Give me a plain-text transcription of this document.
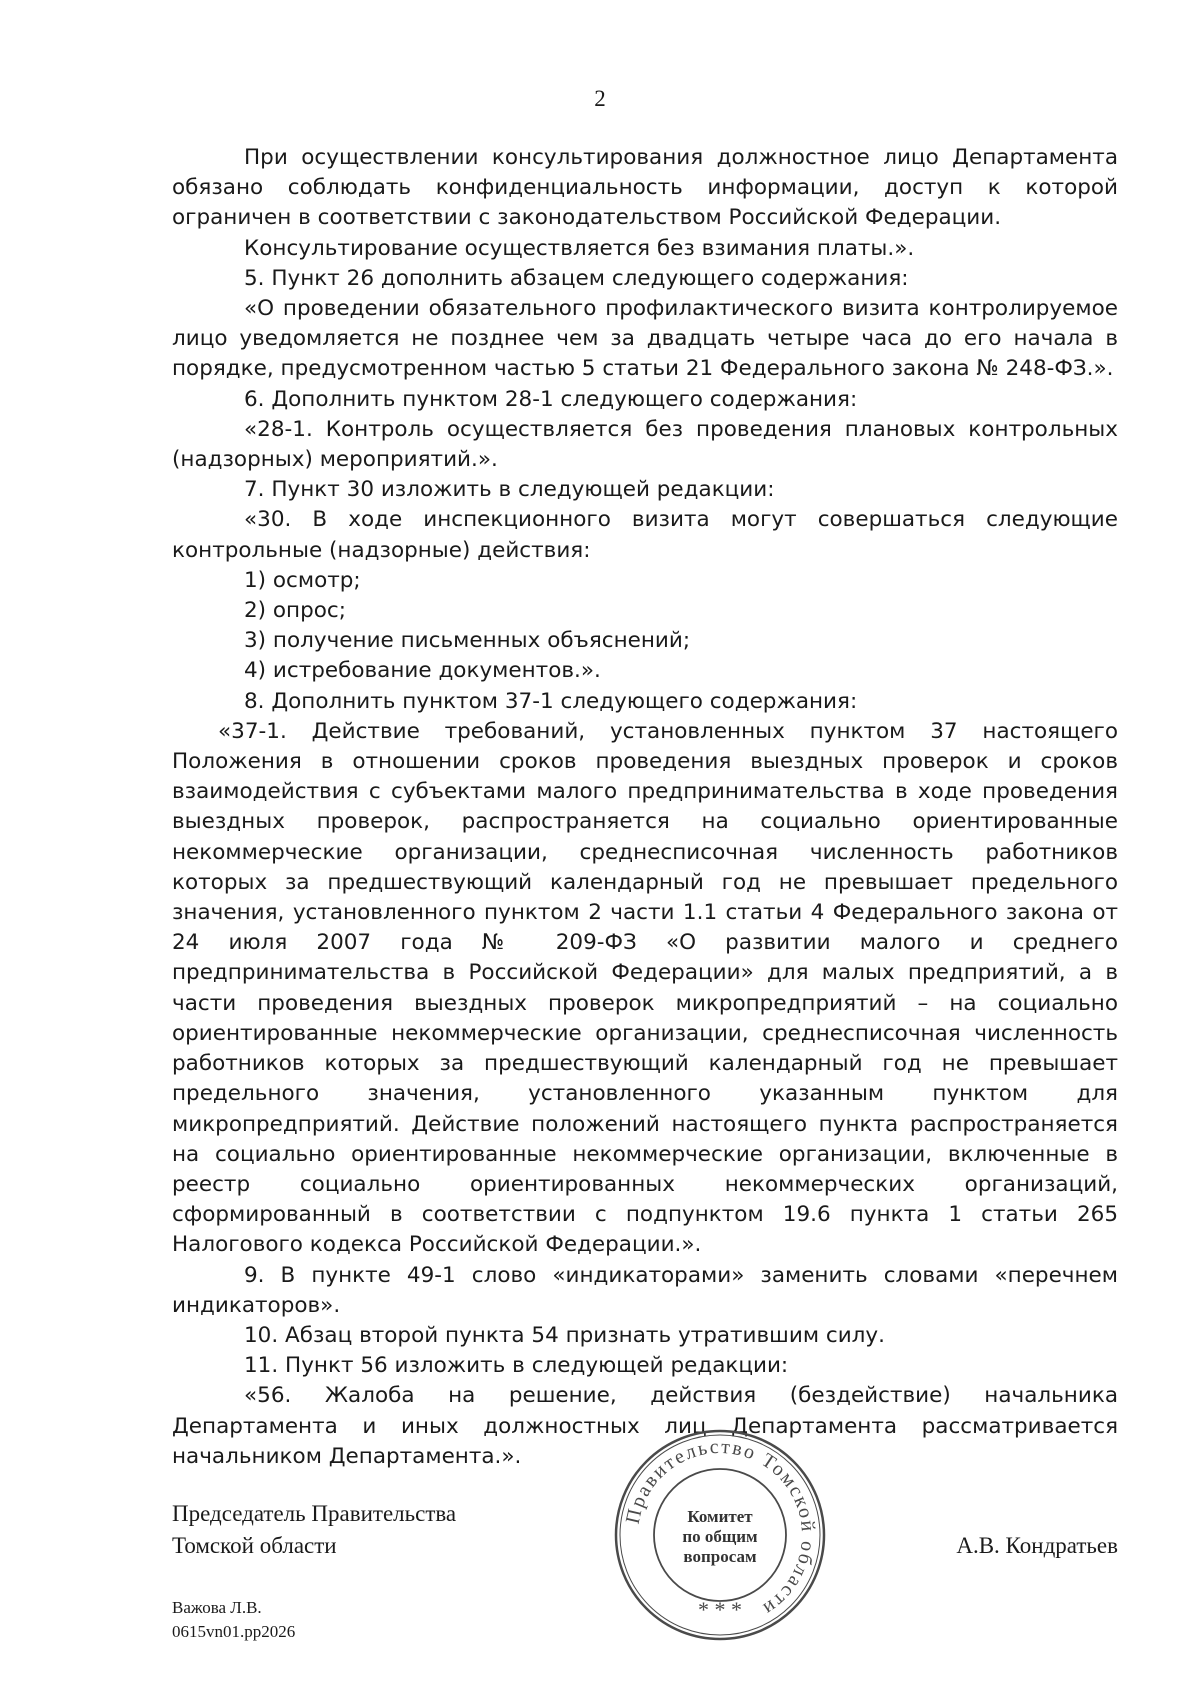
2

При осуществлении консультирования должностное лицо Департамента обязано соблюдать конфиденциальность информации, доступ к которой ограничен в соответствии с законодательством Российской Федерации.

Консультирование осуществляется без взимания платы.».

5. Пункт 26 дополнить абзацем следующего содержания:

«О проведении обязательного профилактического визита контролируемое лицо уведомляется не позднее чем за двадцать четыре часа до его начала в порядке, предусмотренном частью 5 статьи 21 Федерального закона № 248-ФЗ.».

6. Дополнить пунктом 28-1 следующего содержания:

«28-1. Контроль осуществляется без проведения плановых контрольных (надзорных) мероприятий.».

7. Пункт 30 изложить в следующей редакции:

«30. В ходе инспекционного визита могут совершаться следующие контрольные (надзорные) действия:

1) осмотр;

2) опрос;

3) получение письменных объяснений;

4) истребование документов.».

8. Дополнить пунктом 37-1 следующего содержания:

«37-1. Действие требований, установленных пунктом 37 настоящего Положения в отношении сроков проведения выездных проверок и сроков взаимодействия с субъектами малого предпринимательства в ходе проведения выездных проверок, распространяется на социально ориентированные некоммерческие организации, среднесписочная численность работников которых за предшествующий календарный год не превышает предельного значения, установленного пунктом 2 части 1.1 статьи 4 Федерального закона от 24 июля 2007 года № 209-ФЗ «О развитии малого и среднего предпринимательства в Российской Федерации» для малых предприятий, а в части проведения выездных проверок микропредприятий – на социально ориентированные некоммерческие организации, среднесписочная численность работников которых за предшествующий календарный год не превышает предельного значения, установленного указанным пунктом для микропредприятий. Действие положений настоящего пункта распространяется на социально ориентированные некоммерческие организации, включенные в реестр социально ориентированных некоммерческих организаций, сформированный в соответствии с подпунктом 19.6 пункта 1 статьи 265 Налогового кодекса Российской Федерации.».

9. В пункте 49-1 слово «индикаторами» заменить словами «перечнем индикаторов».

10. Абзац второй пункта 54 признать утратившим силу.

11. Пункт 56 изложить в следующей редакции:

«56. Жалоба на решение, действия (бездействие) начальника Департамента и иных должностных лиц Департамента рассматривается начальником Департамента.».

Председатель Правительства
Томской области
Правительство Томской области
* * *
Комитет
по общим
вопросам	А.В. Кондратьев
Важова Л.В.
0615vn01.pp2026
